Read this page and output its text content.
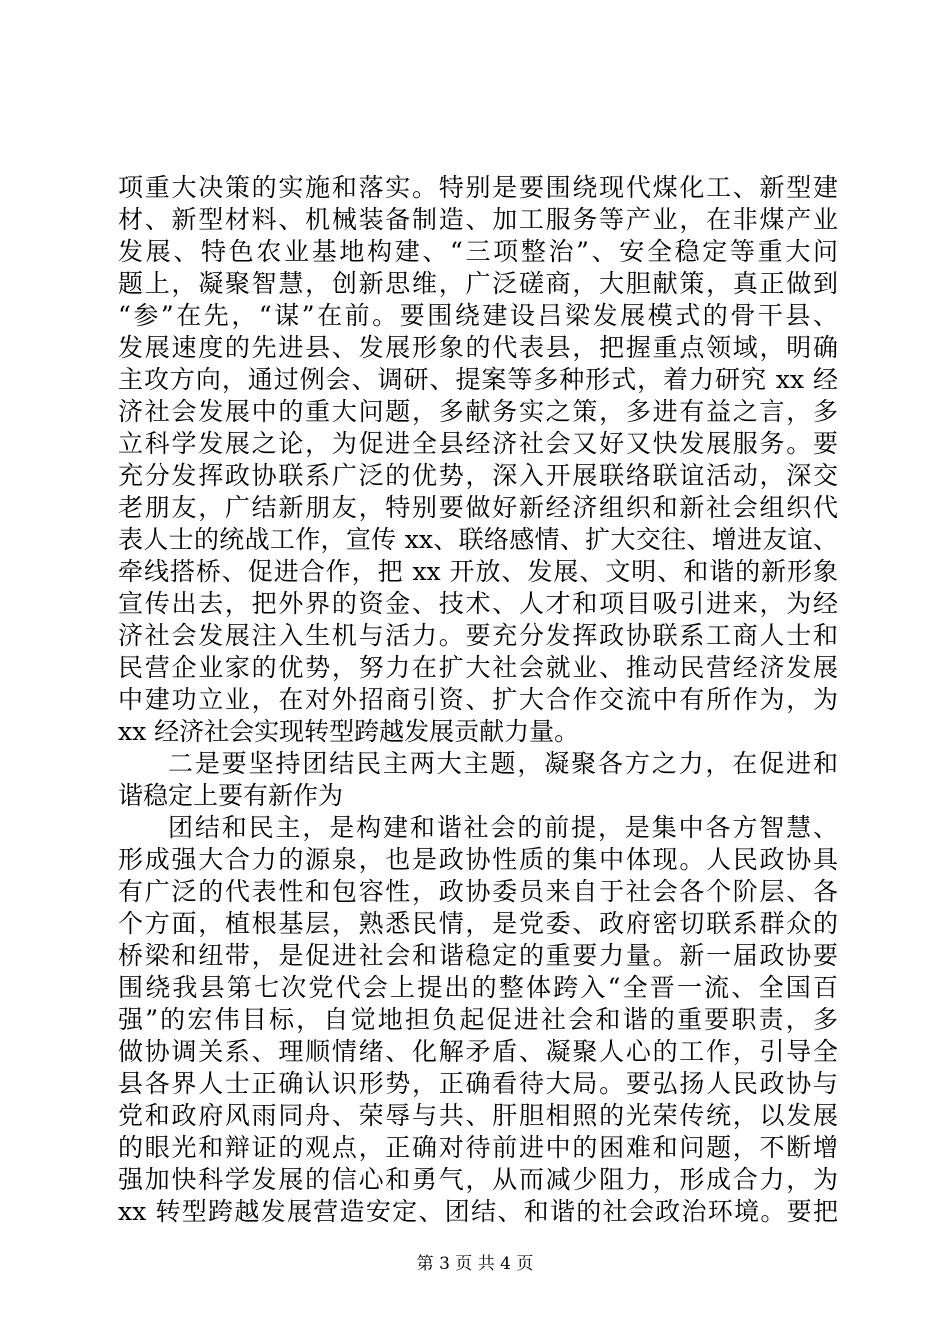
项重大决策的实施和落实。特别是要围绕现代煤化工、新型建
材、新型材料、机械装备制造、加工服务等产业，在非煤产业
发展、特色农业基地构建、“三项整治”、安全稳定等重大问
题上，凝聚智慧，创新思维，广泛磋商，大胆献策，真正做到
“参”在先，“谋”在前。要围绕建设吕梁发展模式的骨干县、
发展速度的先进县、发展形象的代表县，把握重点领域，明确
主攻方向，通过例会、调研、提案等多种形式，着力研究 xx 经
济社会发展中的重大问题，多献务实之策，多进有益之言，多
立科学发展之论，为促进全县经济社会又好又快发展服务。要
充分发挥政协联系广泛的优势，深入开展联络联谊活动，深交
老朋友，广结新朋友，特别要做好新经济组织和新社会组织代
表人士的统战工作，宣传 xx、联络感情、扩大交往、增进友谊、
牵线搭桥、促进合作，把 xx 开放、发展、文明、和谐的新形象
宣传出去，把外界的资金、技术、人才和项目吸引进来，为经
济社会发展注入生机与活力。要充分发挥政协联系工商人士和
民营企业家的优势，努力在扩大社会就业、推动民营经济发展
中建功立业，在对外招商引资、扩大合作交流中有所作为，为
xx 经济社会实现转型跨越发展贡献力量。
二是要坚持团结民主两大主题，凝聚各方之力，在促进和
谐稳定上要有新作为
团结和民主，是构建和谐社会的前提，是集中各方智慧、
形成强大合力的源泉，也是政协性质的集中体现。人民政协具
有广泛的代表性和包容性，政协委员来自于社会各个阶层、各
个方面，植根基层，熟悉民情，是党委、政府密切联系群众的
桥梁和纽带，是促进社会和谐稳定的重要力量。新一届政协要
围绕我县第七次党代会上提出的整体跨入“全晋一流、全国百
强”的宏伟目标，自觉地担负起促进社会和谐的重要职责，多
做协调关系、理顺情绪、化解矛盾、凝聚人心的工作，引导全
县各界人士正确认识形势，正确看待大局。要弘扬人民政协与
党和政府风雨同舟、荣辱与共、肝胆相照的光荣传统，以发展
的眼光和辩证的观点，正确对待前进中的困难和问题，不断增
强加快科学发展的信心和勇气，从而减少阻力，形成合力，为
xx 转型跨越发展营造安定、团结、和谐的社会政治环境。要把
第 3 页 共 4 页
